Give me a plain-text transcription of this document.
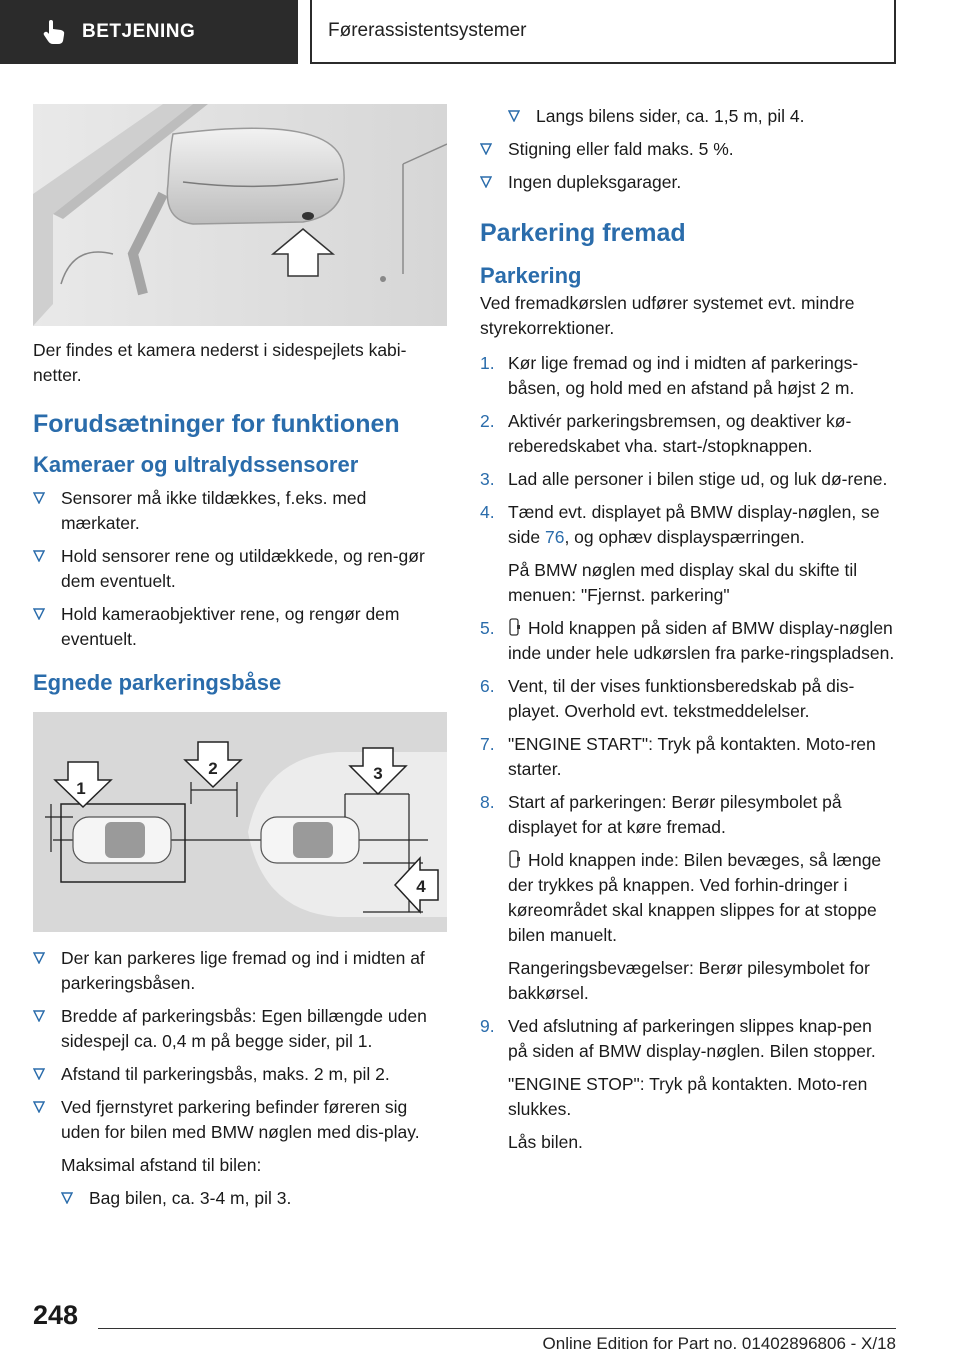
BETJENING	Førerassistentsystemer
Der findes et kamera nederst i sidespejlets kabi-netter.
Forudsætninger for funktionen
Kameraer og ultralydssensorer
Sensorer må ikke tildækkes, f.eks. med mærkater.
Hold sensorer rene og utildækkede, og ren-gør dem eventuelt.
Hold kameraobjektiver rene, og rengør dem eventuelt.
Egnede parkeringsbåse
1
2	3
4
Der kan parkeres lige fremad og ind i midten af parkeringsbåsen.
Bredde af parkeringsbås: Egen billængde uden sidespejl ca. 0,4 m på begge sider, pil 1.
Afstand til parkeringsbås, maks. 2 m, pil 2.
Ved fjernstyret parkering befinder føreren sig uden for bilen med BMW nøglen med dis-play.
Maksimal afstand til bilen:
Bag bilen, ca. 3-4 m, pil 3.
Langs bilens sider, ca. 1,5 m, pil 4.
Stigning eller fald maks. 5 %.
Ingen dupleksgarager.
Parkering fremad
Parkering
Ved fremadkørslen udfører systemet evt. mindre styrekorrektioner.
1. Kør lige fremad og ind i midten af parkerings-båsen, og hold med en afstand på højst 2 m.
2. Aktivér parkeringsbremsen, og deaktiver kø-reberedskabet vha. start-/stopknappen.
3. Lad alle personer i bilen stige ud, og luk dø-rene.
4. Tænd evt. displayet på BMW display-nøglen, se side 76, og ophæv displayspærringen.
På BMW nøglen med display skal du skifte til menuen: "Fjernst. parkering"
5. Hold knappen på siden af BMW display-nøglen inde under hele udkørslen fra parke-ringspladsen.
6. Vent, til der vises funktionsberedskab på dis-playet. Overhold evt. tekstmeddelelser.
7. "ENGINE START": Tryk på kontakten. Moto-ren starter.
8. Start af parkeringen: Berør pilesymbolet på displayet for at køre fremad.
Hold knappen inde: Bilen bevæges, så længe der trykkes på knappen. Ved forhin-dringer i køreområdet skal knappen slippes for at stoppe bilen manuelt.
Rangeringsbevægelser: Berør pilesymbolet for bakkørsel.
9. Ved afslutning af parkeringen slippes knap-pen på siden af BMW display-nøglen. Bilen stopper.
"ENGINE STOP": Tryk på kontakten. Moto-ren slukkes.
Lås bilen.
248
Online Edition for Part no. 01402896806 - X/18
